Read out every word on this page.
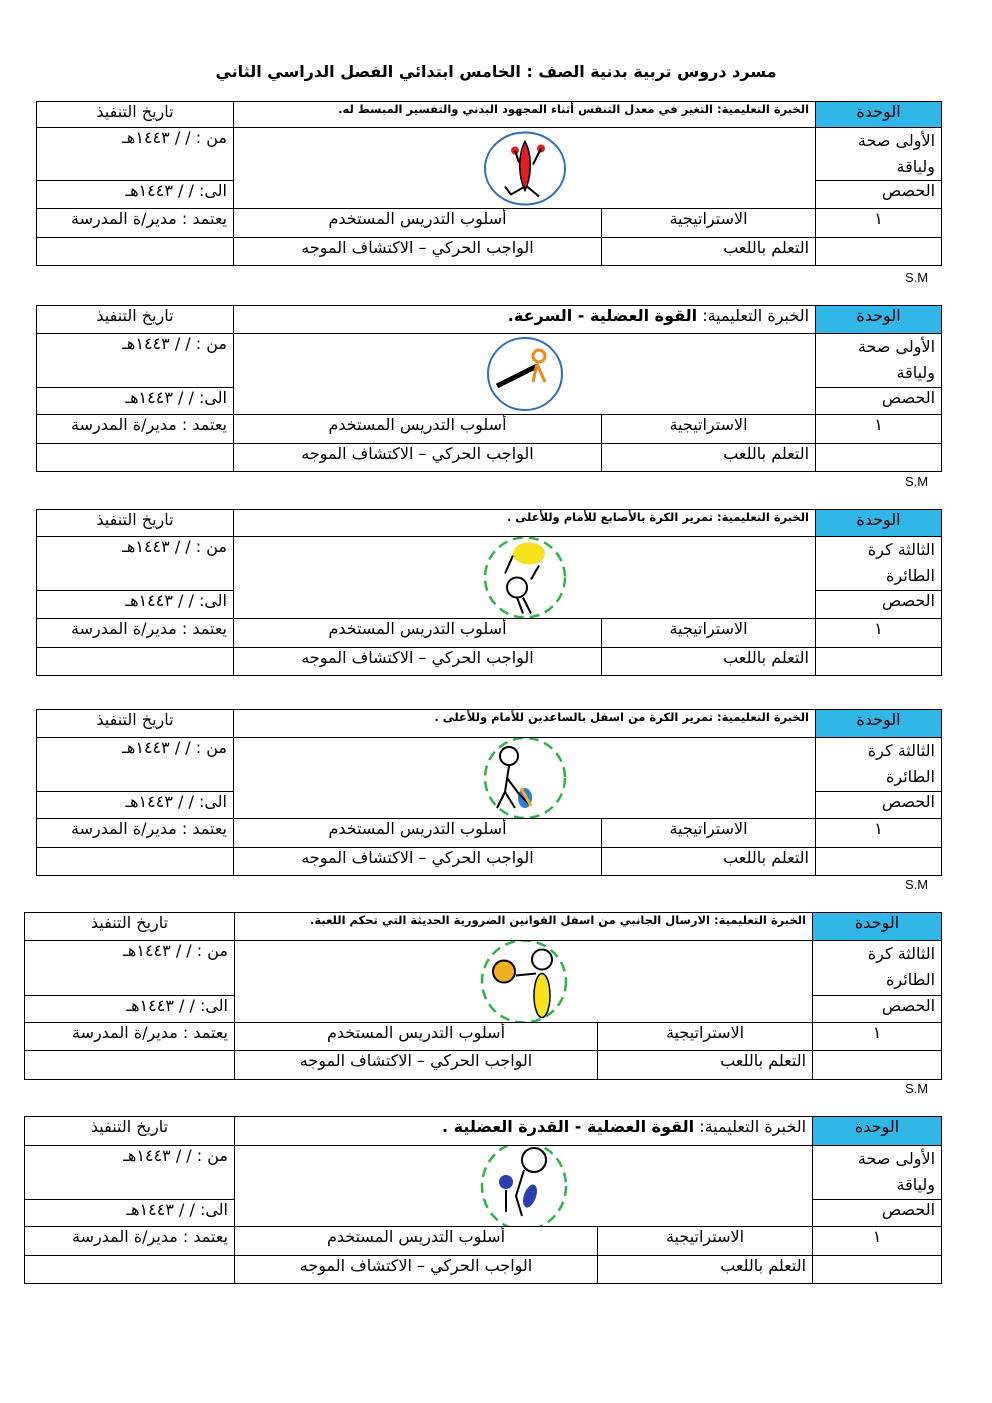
مسرد دروس تربية بدنية الصف : الخامس ابتدائي الفصل الدراسي الثاني
تاريخ التنفيذ	الخبرة التعليمية: التغير في معدل التنفس أثناء المجهود البدني والتفسير المبسط له.		الوحدة
من : / / ١٤٤٣هـ			الأولى صحة ولياقة
الى: / / ١٤٤٣هـ			الحصص
يعتمد : مدير/ة المدرسة	أسلوب التدريس المستخدم	الاستراتيجية	١
	الواجب الحركي – الاكتشاف الموجه	التعلم باللعب	
تاريخ التنفيذ	الخبرة التعليمية: القوة العضلية - السرعة.		الوحدة
من : / / ١٤٤٣هـ			الأولى صحة ولياقة
الى: / / ١٤٤٣هـ			الحصص
يعتمد : مدير/ة المدرسة	أسلوب التدريس المستخدم	الاستراتيجية	١
	الواجب الحركي – الاكتشاف الموجه	التعلم باللعب	
تاريخ التنفيذ	الخبرة التعليمية: تمرير الكرة بالأصابع للأمام وللأعلى .		الوحدة
من : / / ١٤٤٣هـ			الثالثة كرة الطائرة
الى: / / ١٤٤٣هـ			الحصص
يعتمد : مدير/ة المدرسة	أسلوب التدريس المستخدم	الاستراتيجية	١
	الواجب الحركي – الاكتشاف الموجه	التعلم باللعب	
تاريخ التنفيذ	الخبرة التعليمية: تمرير الكرة من اسفل بالساعدين للأمام وللأعلى .		الوحدة
من : / / ١٤٤٣هـ			الثالثة كرة الطائرة
الى: / / ١٤٤٣هـ			الحصص
يعتمد : مدير/ة المدرسة	أسلوب التدريس المستخدم	الاستراتيجية	١
	الواجب الحركي – الاكتشاف الموجه	التعلم باللعب	
تاريخ التنفيذ	الخبرة التعليمية: الارسال الجانبي من اسفل القوانين الضرورية الحديثة التي تحكم اللعبة.		الوحدة
من : / / ١٤٤٣هـ			الثالثة كرة الطائرة
الى: / / ١٤٤٣هـ			الحصص
يعتمد : مدير/ة المدرسة	أسلوب التدريس المستخدم	الاستراتيجية	١
	الواجب الحركي – الاكتشاف الموجه	التعلم باللعب	
تاريخ التنفيذ	الخبرة التعليمية: القوة العضلية - القدرة العضلية .		الوحدة
من : / / ١٤٤٣هـ			الأولى صحة ولياقة
الى: / / ١٤٤٣هـ			الحصص
يعتمد : مدير/ة المدرسة	أسلوب التدريس المستخدم	الاستراتيجية	١
	الواجب الحركي – الاكتشاف الموجه	التعلم باللعب	
S.M
S.M
S.M
S.M
